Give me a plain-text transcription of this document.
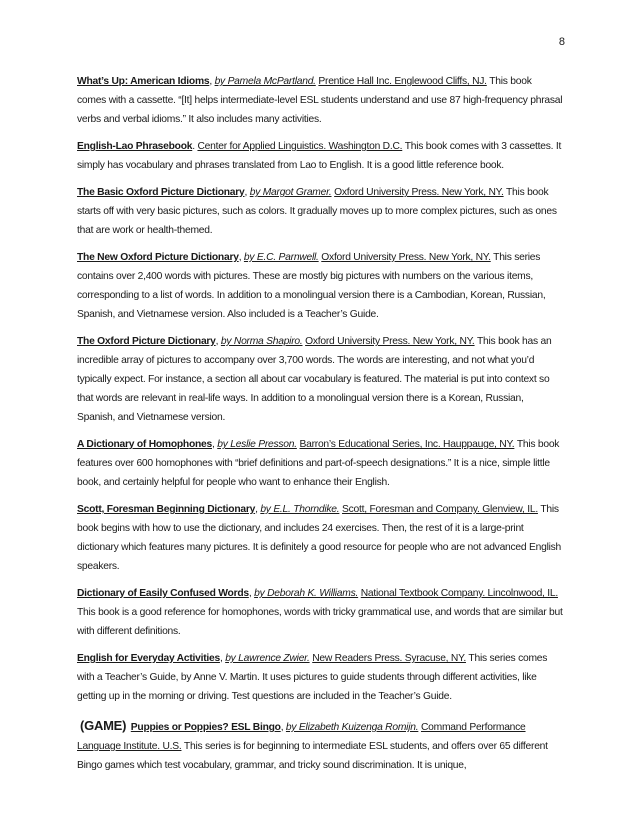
8

What’s Up: American Idioms, by Pamela McPartland. Prentice Hall Inc. Englewood Cliffs, NJ. This book comes with a cassette. “[It] helps intermediate-level ESL students understand and use 87 high-frequency phrasal verbs and verbal idioms.” It also includes many activities.

English-Lao Phrasebook. Center for Applied Linguistics. Washington D.C. This book comes with 3 cassettes. It simply has vocabulary and phrases translated from Lao to English. It is a good little reference book.

The Basic Oxford Picture Dictionary, by Margot Gramer. Oxford University Press. New York, NY. This book starts off with very basic pictures, such as colors. It gradually moves up to more complex pictures, such as ones that are work or health-themed.

The New Oxford Picture Dictionary, by E.C. Parnwell. Oxford University Press. New York, NY. This series contains over 2,400 words with pictures. These are mostly big pictures with numbers on the various items, corresponding to a list of words. In addition to a monolingual version there is a Cambodian, Korean, Russian, Spanish, and Vietnamese version. Also included is a Teacher’s Guide.

The Oxford Picture Dictionary, by Norma Shapiro. Oxford University Press. New York, NY. This book has an incredible array of pictures to accompany over 3,700 words. The words are interesting, and not what you’d typically expect. For instance, a section all about car vocabulary is featured. The material is put into context so that words are relevant in real-life ways. In addition to a monolingual version there is a Korean, Russian, Spanish, and Vietnamese version.

A Dictionary of Homophones, by Leslie Presson. Barron’s Educational Series, Inc. Hauppauge, NY. This book features over 600 homophones with “brief definitions and part-of-speech designations.” It is a nice, simple little book, and certainly helpful for people who want to enhance their English.

Scott, Foresman Beginning Dictionary, by E.L. Thorndike. Scott, Foresman and Company. Glenview, IL. This book begins with how to use the dictionary, and includes 24 exercises. Then, the rest of it is a large-print dictionary which features many pictures. It is definitely a good resource for people who are not advanced English speakers.

Dictionary of Easily Confused Words, by Deborah K. Williams. National Textbook Company. Lincolnwood, IL. This book is a good reference for homophones, words with tricky grammatical use, and words that are similar but with different definitions.

English for Everyday Activities, by Lawrence Zwier. New Readers Press. Syracuse, NY. This series comes with a Teacher’s Guide, by Anne V. Martin. It uses pictures to guide students through different activities, like getting up in the morning or driving. Test questions are included in the Teacher’s Guide.

(GAME) Puppies or Poppies? ESL Bingo, by Elizabeth Kuizenga Romijn. Command Performance Language Institute. U.S. This series is for beginning to intermediate ESL students, and offers over 65 different Bingo games which test vocabulary, grammar, and tricky sound discrimination. It is unique,
